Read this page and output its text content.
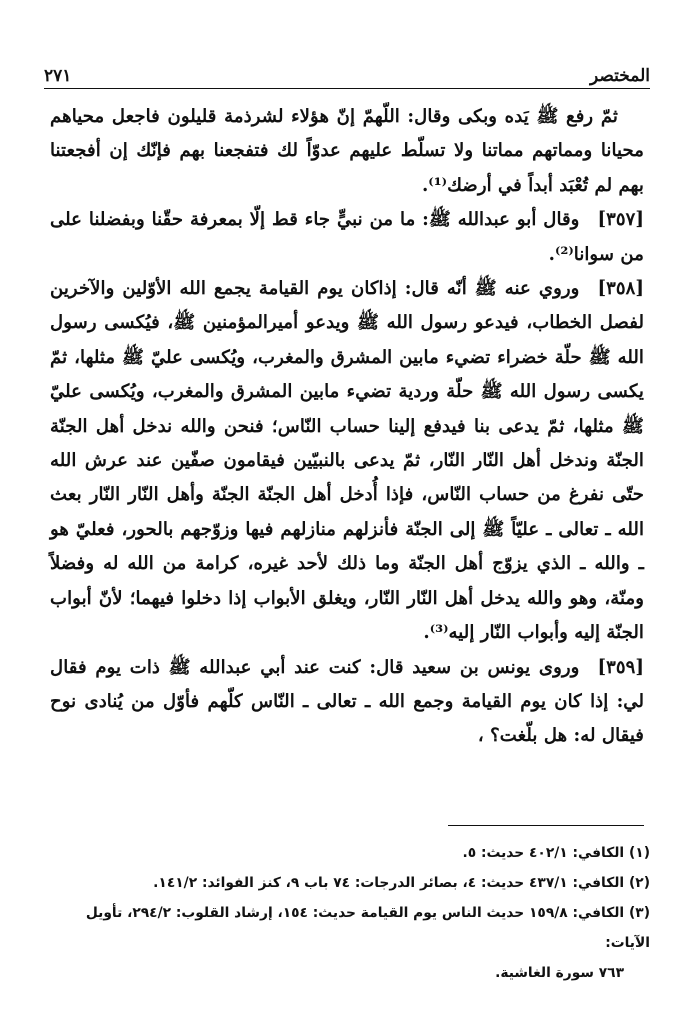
٢٧١	المختصر

ثمّ رفع ﷺ يَده وبكى وقال: اللّهمّ إنّ هؤلاء لشرذمة قليلون فاجعل محياهم محيانا ومماتهم مماتنا ولا تسلّط عليهم عدوّاً لك فتفجعنا بهم فإنّك إن أفجعتنا بهم لم تُعْبَد أبداً في أرضك⁽¹⁾.

[٣٥٧]وقال أبو عبدالله ﷺ: ما من نبيٍّ جاء قط إلّا بمعرفة حقّنا وبفضلنا على من سوانا⁽²⁾.

[٣٥٨]وروي عنه ﷺ أنّه قال: إذاكان يوم القيامة يجمع الله الأوّلين والآخرين لفصل الخطاب، فيدعو رسول الله ﷺ ويدعو أميرالمؤمنين ﷺ، فيُكسى رسول الله ﷺ حلّة خضراء تضيء مابين المشرق والمغرب، ويُكسى عليّ ﷺ مثلها، ثمّ يكسى رسول الله ﷺ حلّة وردية تضيء مابين المشرق والمغرب، ويُكسى عليّ ﷺ مثلها، ثمّ يدعى بنا فيدفع إلينا حساب النّاس؛ فنحن والله ندخل أهل الجنّة الجنّة وندخل أهل النّار النّار، ثمّ يدعى بالنبيّين فيقامون صفّين عند عرش الله حتّى نفرغ من حساب النّاس، فإذا أُدخل أهل الجنّة الجنّة وأهل النّار النّار بعث الله ـ تعالى ـ عليّاً ﷺ إلى الجنّة فأنزلهم منازلهم فيها وزوّجهم بالحور، فعليّ هو ـ والله ـ الذي يزوّج أهل الجنّة وما ذلك لأحد غيره، كرامة من الله له وفضلاً ومنّة، وهو والله يدخل أهل النّار النّار، ويغلق الأبواب إذا دخلوا فيهما؛ لأنّ أبواب الجنّة إليه وأبواب النّار إليه⁽³⁾.

[٣٥٩]وروى يونس بن سعيد قال: كنت عند أبي عبدالله ﷺ ذات يوم فقال لي: إذا كان يوم القيامة وجمع الله ـ تعالى ـ النّاس كلّهم فأوّل من يُنادى نوح فيقال له: هل بلّغت؟ ،

(١) الكافي: ٤٠٢/١ حديث: ٥.

(٢) الكافي: ٤٣٧/١ حديث: ٤، بصائر الدرجات: ٧٤ باب ٩، كنز الفوائد: ١٤١/٢.

(٣) الكافي: ١٥٩/٨ حديث الناس يوم القيامة حديث: ١٥٤، إرشاد القلوب: ٢٩٤/٢، تأويل الآيات:

٧٦٣ سورة الغاشية.
